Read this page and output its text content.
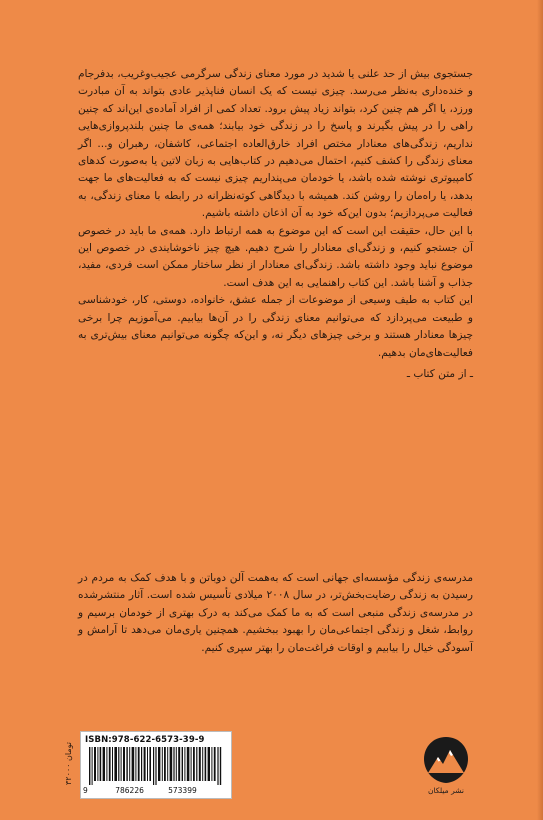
جستجوی بیش از حد علنی یا شدید در مورد معنای زندگی سرگرمی عجیب‌وغریب، بدفرجام و خنده‌داری به‌نظر می‌رسد. چیزی نیست که یک انسان فناپذیر عادی بتواند به آن مبادرت ورزد، یا اگر هم چنین کرد، بتواند زیاد پیش برود. تعداد کمی از افراد آماده‌ی این‌اند که چنین راهی را در پیش بگیرند و پاسخ را در زندگی خود بیابند؛ همه‌ی ما چنین بلندپروازی‌هایی نداریم، زندگی‌های معنادار مختص افراد خارق‌العاده اجتماعی، کاشفان، رهبران و... اگر معنای زندگی را کشف کنیم، احتمال می‌دهیم در کتاب‌هایی به زبان لاتین یا به‌صورت کدهای کامپیوتری نوشته شده باشد، یا خودمان می‌پنداریم چیزی نیست که به فعالیت‌های ما جهت بدهد، یا راه‌مان را روشن کند. همیشه با دیدگاهی کوته‌نظرانه در رابطه با معنای زندگی، به فعالیت می‌پردازیم؛ بدون این‌که خود به آن اذعان داشته باشیم.

با این حال، حقیقت این است که این موضوع به همه ارتباط دارد. همه‌ی ما باید در خصوص آن جستجو کنیم، و زندگی‌ای معنادار را شرح دهیم. هیچ چیز ناخوشایندی در خصوص این موضوع نباید وجود داشته باشد. زندگی‌ای معنادار از نظر ساختار ممکن است فردی، مفید، جذاب و آشنا باشد. این کتاب راهنمایی به این هدف است.

این کتاب به طیف وسیعی از موضوعات از جمله عشق، خانواده، دوستی، کار، خودشناسی و طبیعت می‌پردازد که می‌توانیم معنای زندگی را در آن‌ها بیابیم. می‌آموزیم چرا برخی چیزها معنادار هستند و برخی چیزهای دیگر نه، و این‌که چگونه می‌توانیم معنای بیش‌تری به فعالیت‌های‌مان بدهیم.

ـ از متن کتاب ـ

مدرسه‌ی زندگی مؤسسه‌ای جهانی است که به‌همت آلن دوباتن و با هدف کمک به مردم در رسیدن به زندگی رضایت‌بخش‌تر، در سال ۲۰۰۸ میلادی تأسیس شده است. آثار منتشرشده در مدرسه‌ی زندگی منبعی است که به ما کمک می‌کند به درک بهتری از خودمان برسیم و روابط، شغل و زندگی اجتماعی‌مان را بهبود ببخشیم. همچنین یاری‌مان می‌دهد تا آرامش و آسودگی خیال را بیابیم و اوقات فراغت‌مان را بهتر سپری کنیم.

۳۲۰۰۰ تومان
ISBN:978-622-6573-39-9
9	786226	573399	نشر میلکان
